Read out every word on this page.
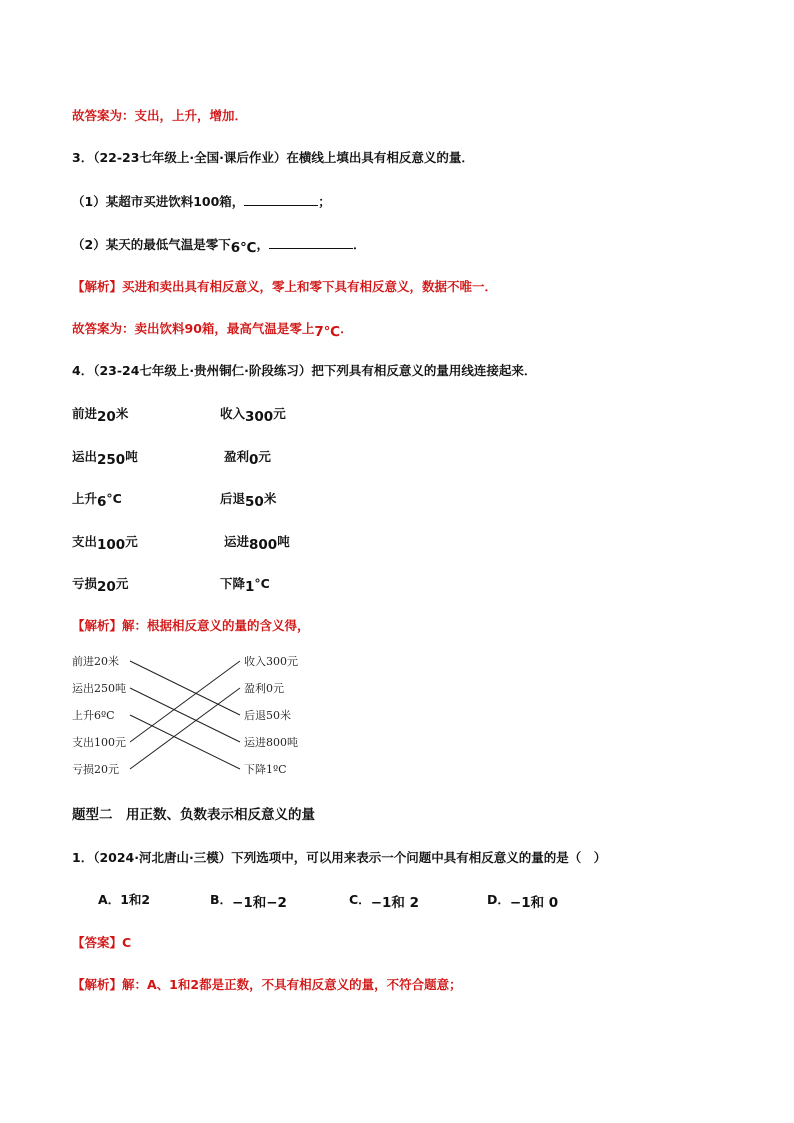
故答案为：支出，上升，增加．
3．（22-23七年级上·全国·课后作业）在横线上填出具有相反意义的量．
（1）某超市买进饮料100箱，	；
（2）某天的最低气温是零下6℃，	．
【解析】买进和卖出具有相反意义，零上和零下具有相反意义，数据不唯一．
故答案为：卖出饮料90箱，最高气温是零上7℃．
4．（23-24七年级上·贵州铜仁·阶段练习）把下列具有相反意义的量用线连接起来．
前进20米
运出250吨
上升6°C
支出100元
亏损20元
收入300元
盈利0元
后退50米
运进800吨
下降1°C
【解析】解：根据相反意义的量的含义得，
前进20米
运出250吨
上升6ºC
支出100元
亏损20元
收入300元
盈利0元
后退50米
运进800吨
下降1ºC
题型二　用正数、负数表示相反意义的量
1．（2024·河北唐山·三模）下列选项中，可以用来表示一个问题中具有相反意义的量的是（　）
A．1和2	B．−1和−2	C．−1和 2	D．−1和 0
【答案】C
【解析】解：A、1和2都是正数，不具有相反意义的量，不符合题意；
